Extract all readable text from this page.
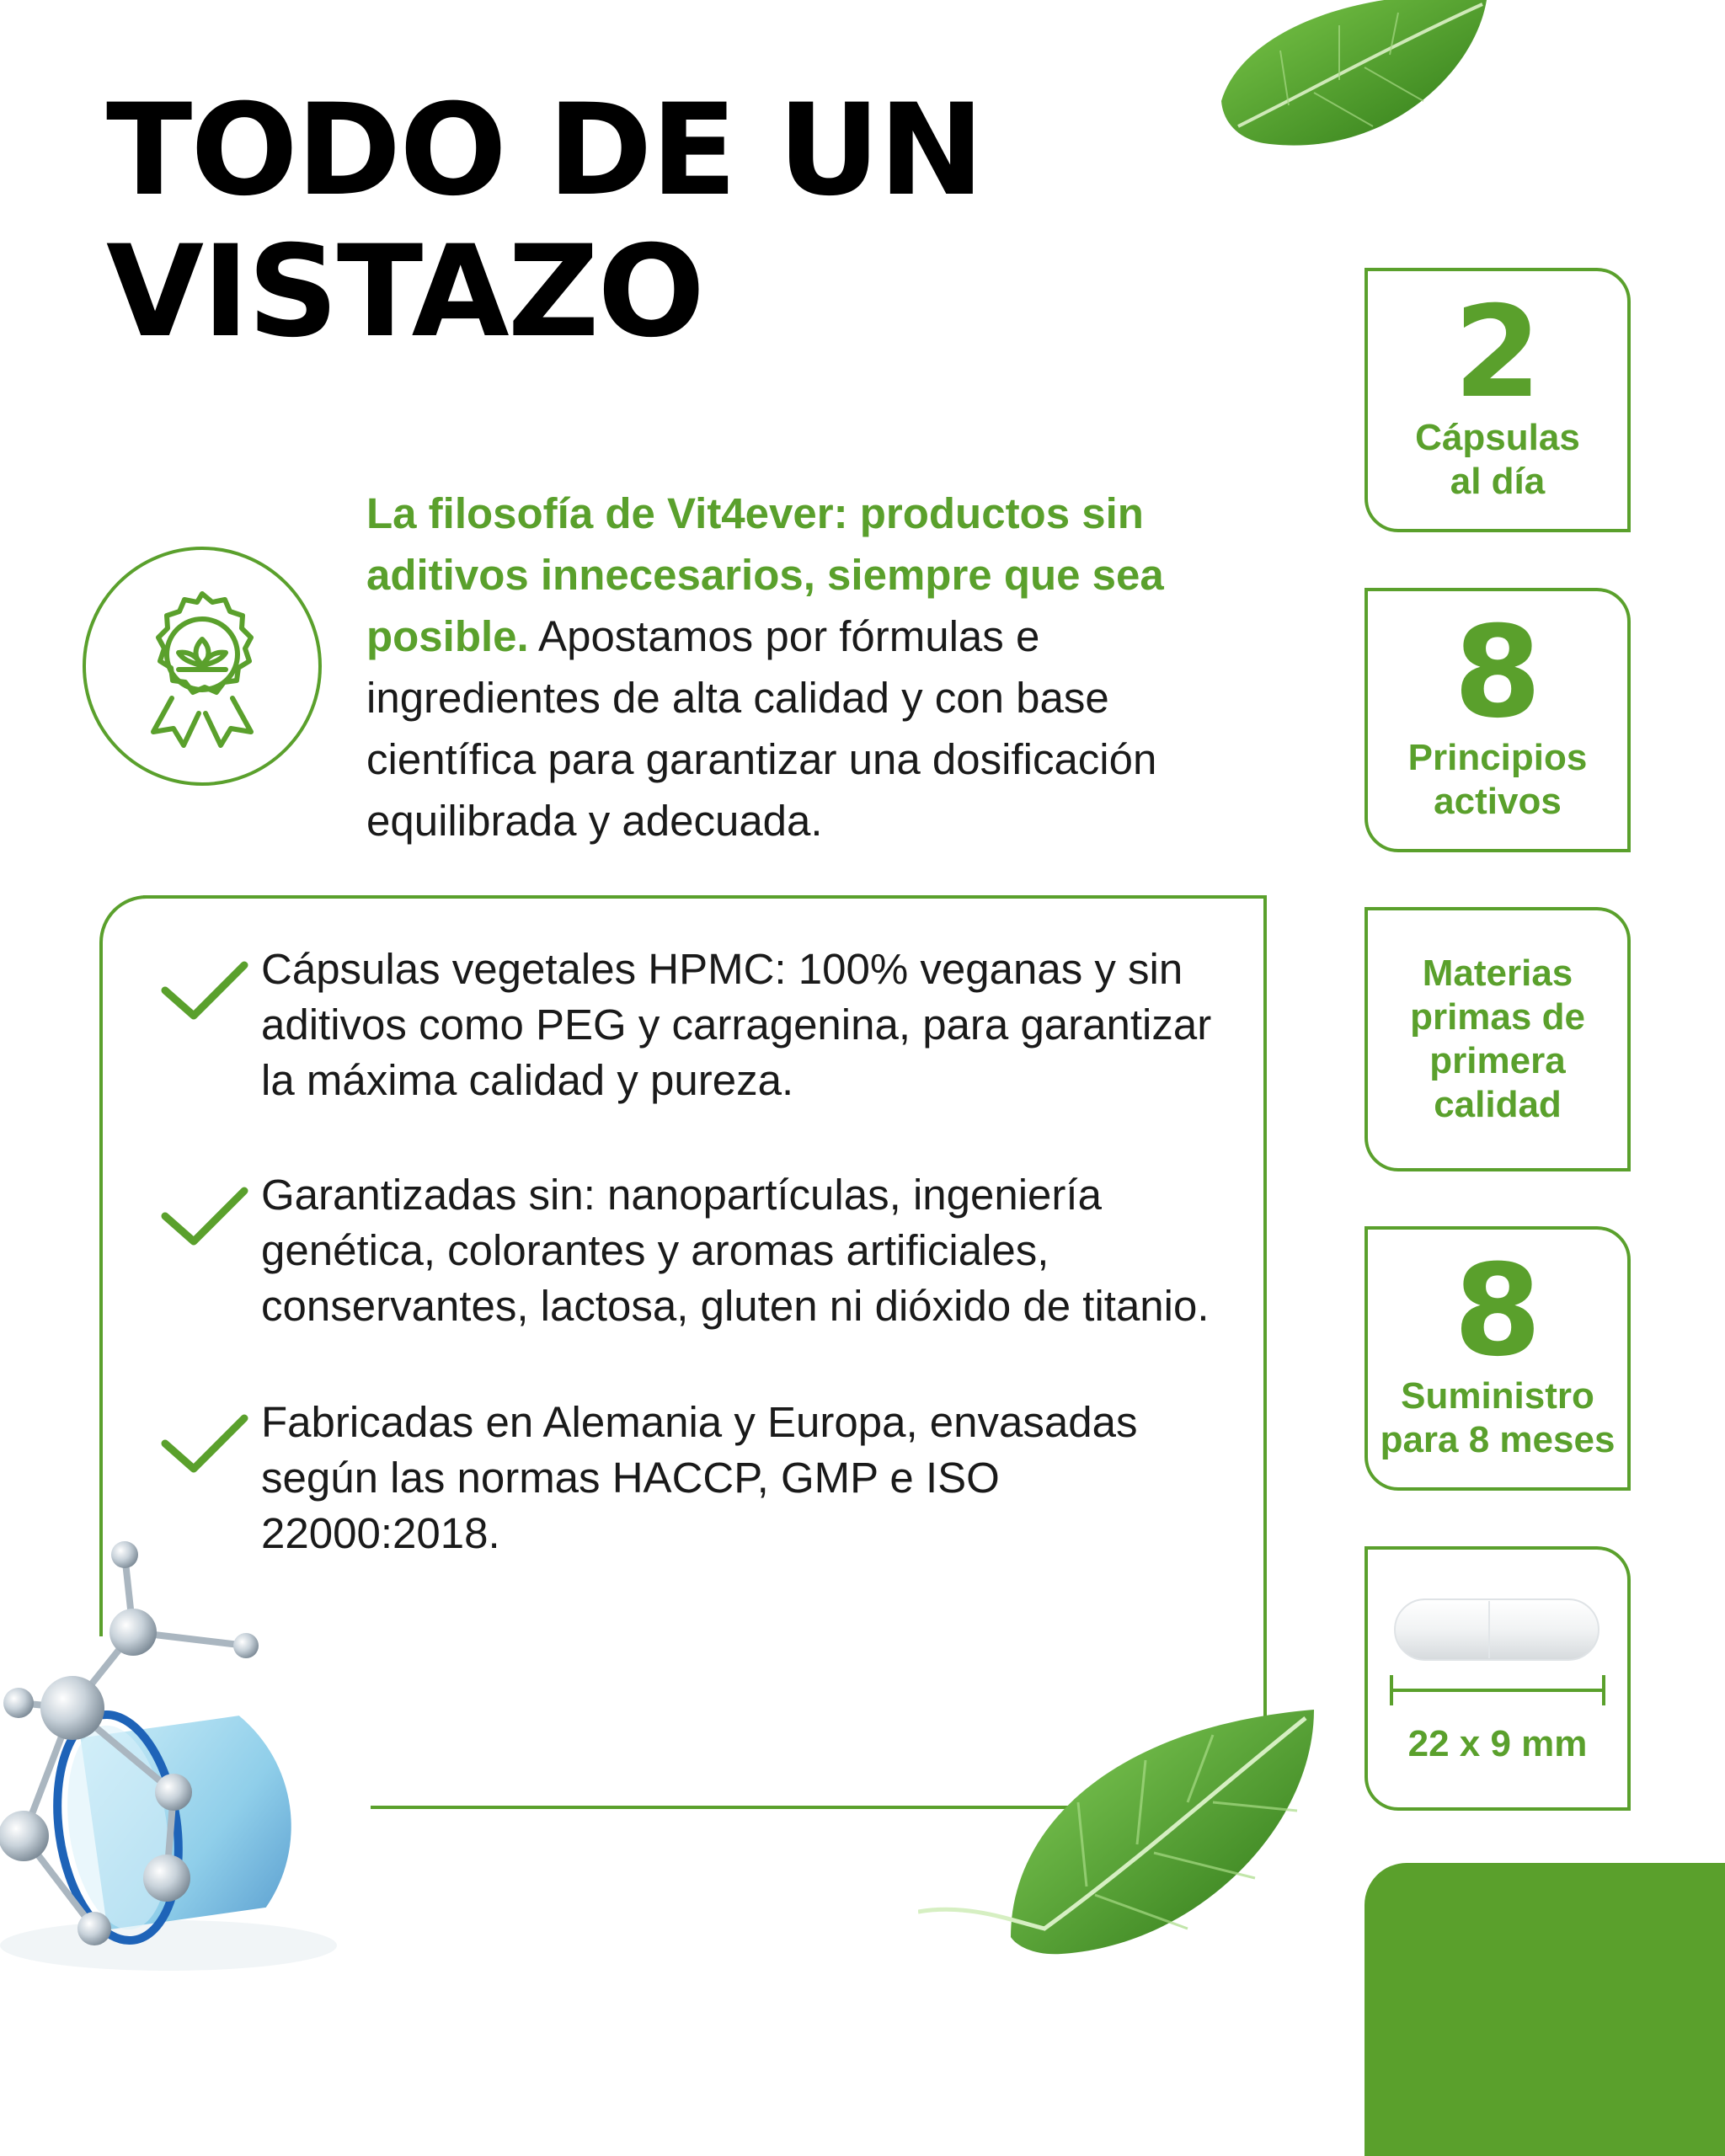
TODO DE UN
VISTAZO
La filosofía de Vit4ever: productos sin aditivos innecesarios, siempre que sea posible. Apostamos por fórmulas e ingredientes de alta calidad y con base científica para garantizar una dosificación equilibrada y adecuada.
Cápsulas vegetales HPMC: 100% veganas y sin aditivos como PEG y carragenina, para garantizar la máxima calidad y pureza.
Garantizadas sin: nanopartículas, ingeniería genética, colorantes y aromas artificiales, conservantes, lactosa, gluten ni dióxido de titanio.
Fabricadas en Alemania y Europa, envasadas según las normas HACCP, GMP e ISO 22000:2018.
2
Cápsulas
al día
8
Principios
activos
Materias
primas de
primera
calidad
8
Suministro
para 8 meses
22 x 9 mm
